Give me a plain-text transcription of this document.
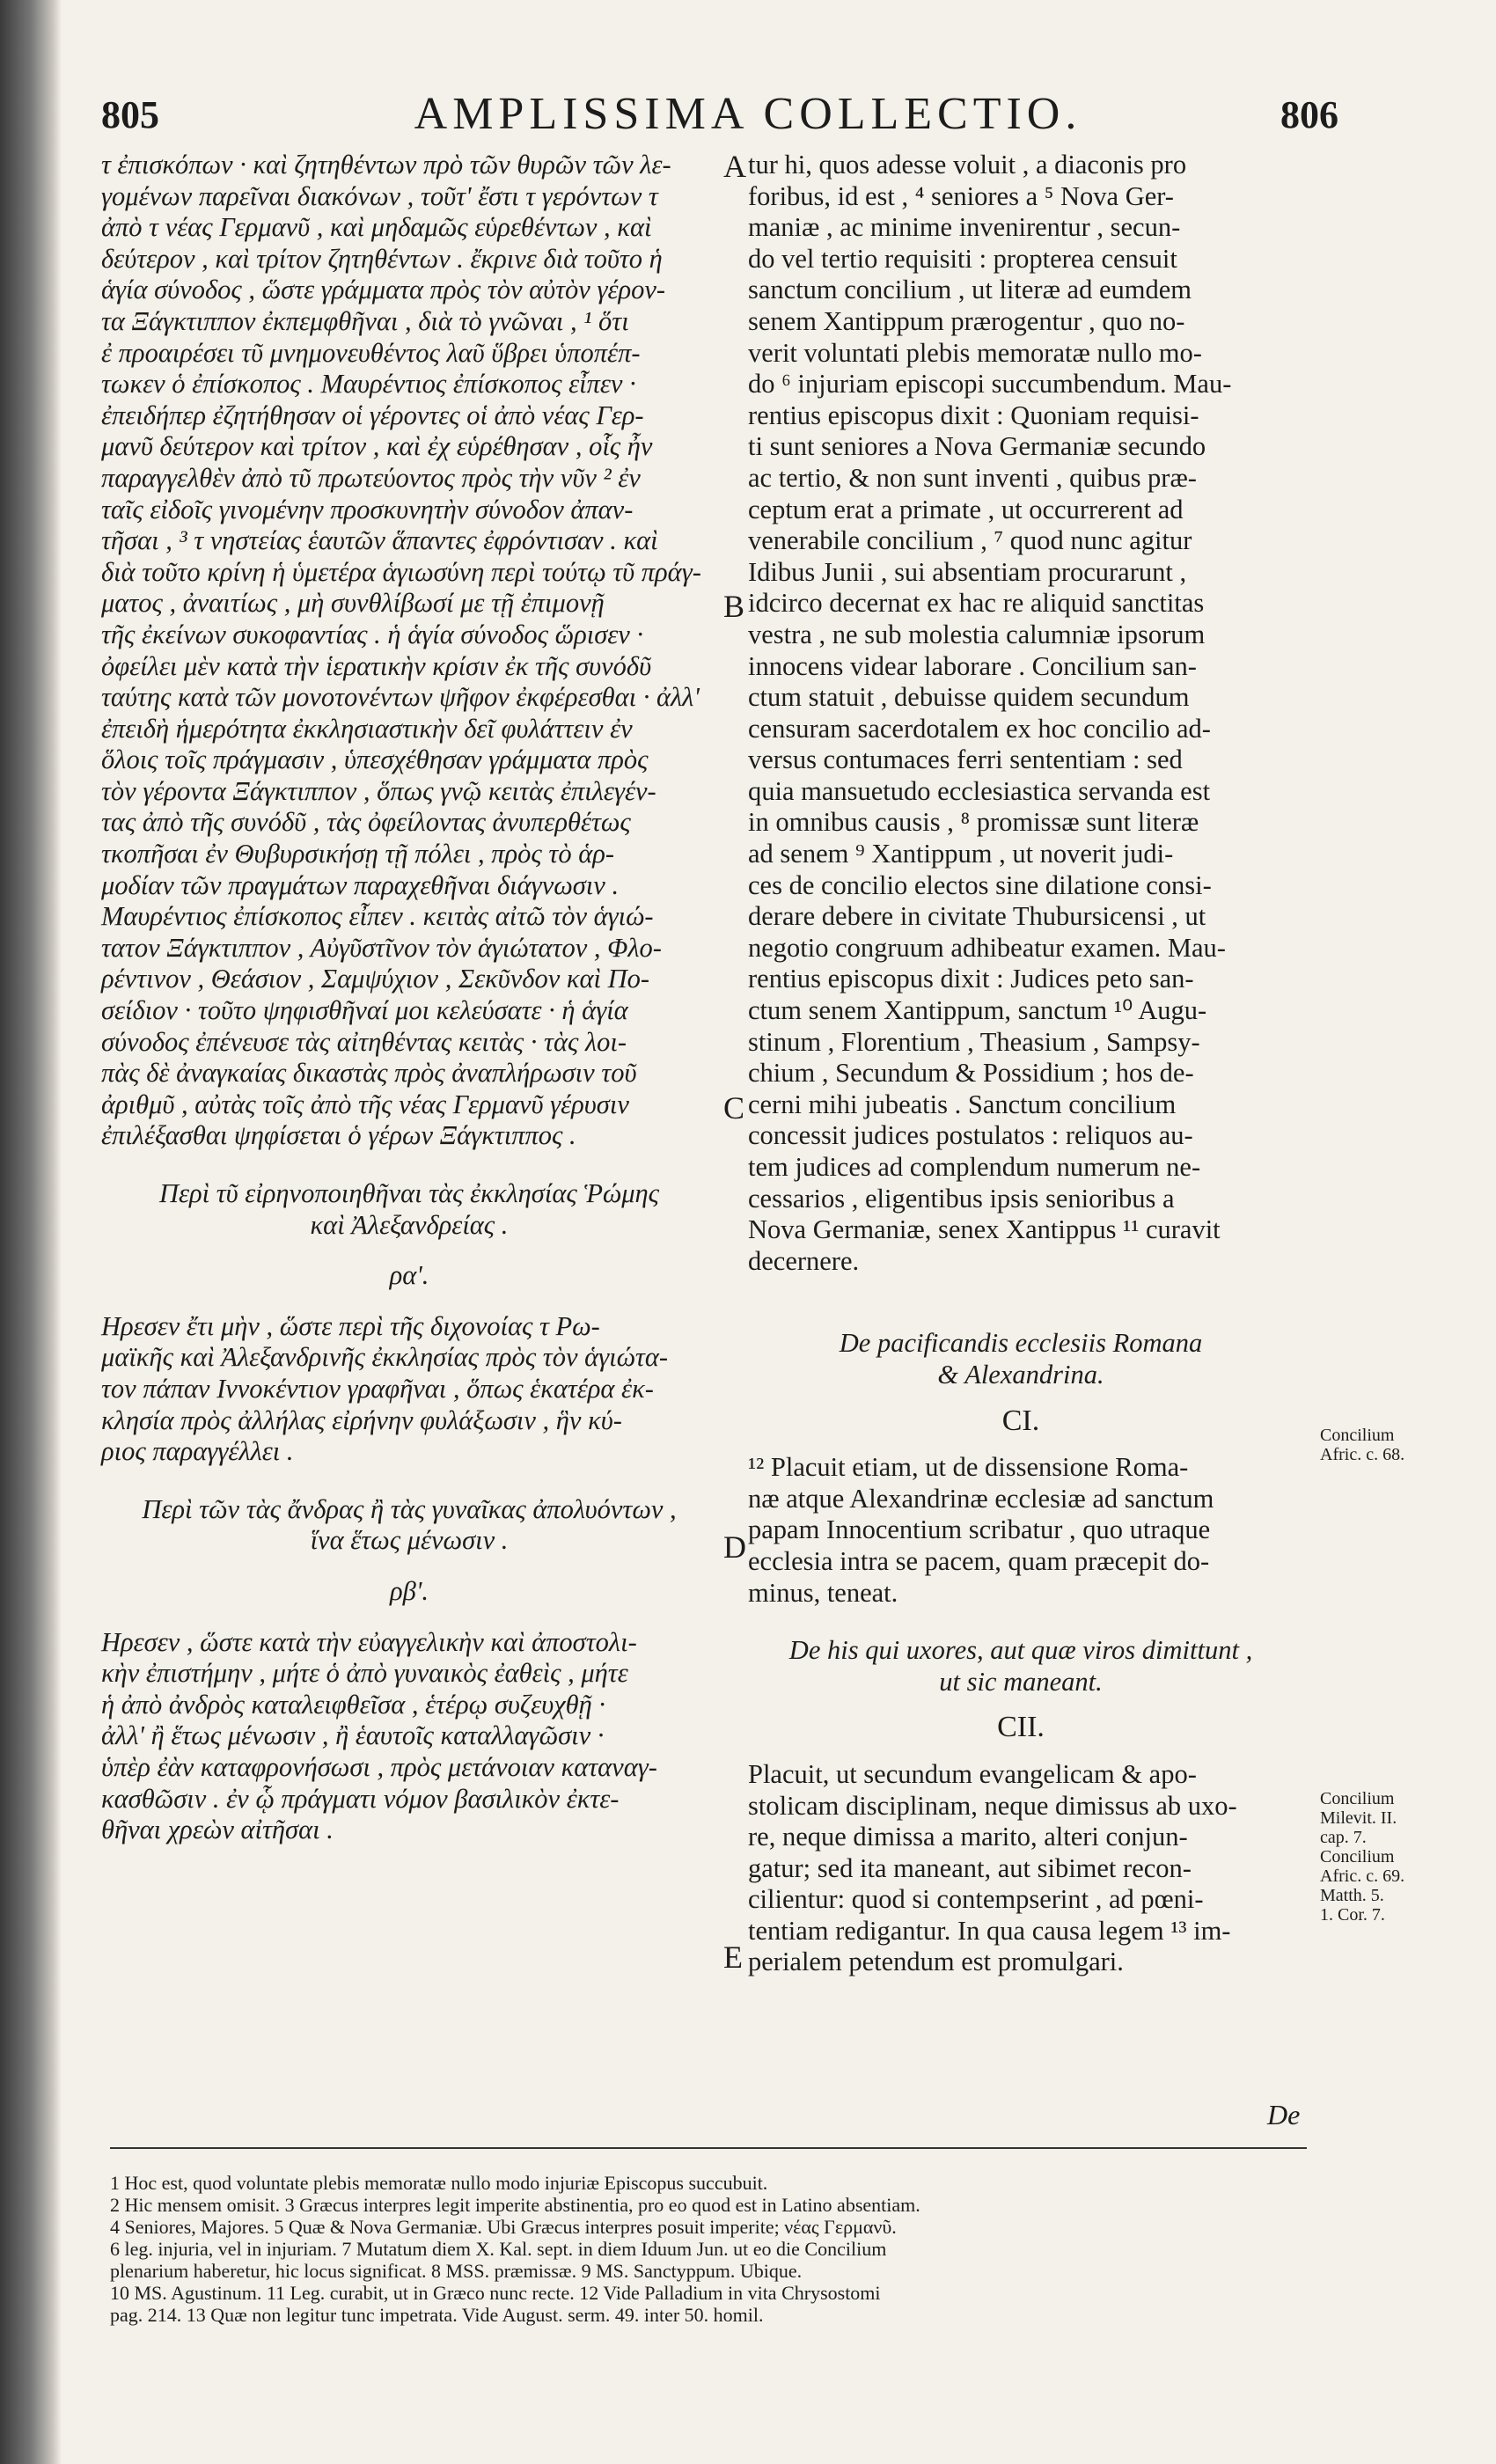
805	AMPLISSIMA COLLECTIO.	806
τ ἐπισκόπων · καὶ ζητηθέντων πρὸ τῶν θυρῶν τῶν λε-
γομένων παρεῖναι διακόνων , τοῦτ' ἔστι τ γερόντων τ
ἀπὸ τ νέας Γερμανῦ , καὶ μηδαμῶς εὑρεθέντων , καὶ
δεύτερον , καὶ τρίτον ζητηθέντων . ἔκρινε διὰ τοῦτο ἡ
ἁγία σύνοδος , ὥστε γράμματα πρὸς τὸν αὐτὸν γέρον-
τα Ξάγκτιππον ἐκπεμφθῆναι , διὰ τὸ γνῶναι , ¹ ὅτι
ἐ προαιρέσει τῦ μνημονευθέντος λαῦ ὕβρει ὑποπέπ-
τωκεν ὁ ἐπίσκοπος . Μαυρέντιος ἐπίσκοπος εἶπεν ·
ἐπειδήπερ ἐζητήθησαν οἱ γέροντες οἱ ἀπὸ νέας Γερ-
μανῦ δεύτερον καὶ τρίτον , καὶ ἐχ εὑρέθησαν , οἷς ἦν
παραγγελθὲν ἀπὸ τῦ πρωτεύοντος πρὸς τὴν νῦν ² ἐν
ταῖς εἰδοῖς γινομένην προσκυνητὴν σύνοδον ἀπαν-
τῆσαι , ³ τ νηστείας ἑαυτῶν ἅπαντες ἐφρόντισαν . καὶ
διὰ τοῦτο κρίνη ἡ ὑμετέρα ἁγιωσύνη περὶ τούτῳ τῦ πράγ-
ματος , ἀναιτίως , μὴ συνθλίβωσί με τῇ ἐπιμονῇ
τῆς ἐκείνων συκοφαντίας . ἡ ἁγία σύνοδος ὥρισεν ·
ὀφείλει μὲν κατὰ τὴν ἱερατικὴν κρίσιν ἐκ τῆς συνόδῦ
ταύτης κατὰ τῶν μονοτονέντων ψῆφον ἐκφέρεσθαι · ἀλλ'
ἐπειδὴ ἡμερότητα ἐκκλησιαστικὴν δεῖ φυλάττειν ἐν
ὅλοις τοῖς πράγμασιν , ὑπεσχέθησαν γράμματα πρὸς
τὸν γέροντα Ξάγκτιππον , ὅπως γνῷ κειτὰς ἐπιλεγέν-
τας ἀπὸ τῆς συνόδῦ , τὰς ὀφείλοντας ἀνυπερθέτως
τκοπῆσαι ἐν Θυβυρσικήσῃ τῇ πόλει , πρὸς τὸ ἁρ-
μοδίαν τῶν πραγμάτων παραχεθῆναι διάγνωσιν .
Μαυρέντιος ἐπίσκοπος εἶπεν . κειτὰς αἰτῶ τὸν ἁγιώ-
τατον Ξάγκτιππον , Αὐγῦστῖνον τὸν ἁγιώτατον , Φλο-
ρέντινον , Θεάσιον , Σαμψύχιον , Σεκῦνδον καὶ Πο-
σείδιον · τοῦτο ψηφισθῆναί μοι κελεύσατε · ἡ ἁγία
σύνοδος ἐπένευσε τὰς αἰτηθέντας κειτὰς · τὰς λοι-
πὰς δὲ ἀναγκαίας δικαστὰς πρὸς ἀναπλήρωσιν τοῦ
ἀριθμῦ , αὐτὰς τοῖς ἀπὸ τῆς νέας Γερμανῦ γέρυσιν
ἐπιλέξασθαι ψηφίσεται ὁ γέρων Ξάγκτιππος .
Περὶ τῦ εἰρηνοποιηθῆναι τὰς ἐκκλησίας Ῥώμης
καὶ Ἀλεξανδρείας .
ρα'.
Ηρεσεν ἔτι μὴν , ὥστε περὶ τῆς διχονοίας τ Ρω-
μαϊκῆς καὶ Ἀλεξανδρινῆς ἐκκλησίας πρὸς τὸν ἁγιώτα-
τον πάπαν Ιννοκέντιον γραφῆναι , ὅπως ἑκατέρα ἐκ-
κλησία πρὸς ἀλλήλας εἰρήνην φυλάξωσιν , ἣν κύ-
ριος παραγγέλλει .
Περὶ τῶν τὰς ἄνδρας ἢ τὰς γυναῖκας ἀπολυόντων ,
ἵνα ἕτως μένωσιν .
ρβ'.
Ηρεσεν , ὥστε κατὰ τὴν εὐαγγελικὴν καὶ ἀποστολι-
κὴν ἐπιστήμην , μήτε ὁ ἀπὸ γυναικὸς ἐαθεὶς , μήτε
ἡ ἀπὸ ἀνδρὸς καταλειφθεῖσα , ἑτέρῳ συζευχθῇ ·
ἀλλ' ἢ ἕτως μένωσιν , ἢ ἑαυτοῖς καταλλαγῶσιν ·
ὑπὲρ ἐὰν καταφρονήσωσι , πρὸς μετάνοιαν καταναγ-
κασθῶσιν . ἐν ᾧ πράγματι νόμον βασιλικὸν ἐκτε-
θῆναι χρεὼν αἰτῆσαι .
A
B
C
D
E
tur hi, quos adesse voluit , a diaconis pro
foribus, id est , ⁴ seniores a ⁵ Nova Ger-
maniæ , ac minime invenirentur , secun-
do vel tertio requisiti : propterea censuit
sanctum concilium , ut literæ ad eumdem
senem Xantippum prærogentur , quo no-
verit voluntati plebis memoratæ nullo mo-
do ⁶ injuriam episcopi succumbendum. Mau-
rentius episcopus dixit : Quoniam requisi-
ti sunt seniores a Nova Germaniæ secundo
ac tertio, & non sunt inventi , quibus præ-
ceptum erat a primate , ut occurrerent ad
venerabile concilium , ⁷ quod nunc agitur
Idibus Junii , sui absentiam procurarunt ,
idcirco decernat ex hac re aliquid sanctitas
vestra , ne sub molestia calumniæ ipsorum
innocens videar laborare . Concilium san-
ctum statuit , debuisse quidem secundum
censuram sacerdotalem ex hoc concilio ad-
versus contumaces ferri sententiam : sed
quia mansuetudo ecclesiastica servanda est
in omnibus causis , ⁸ promissæ sunt literæ
ad senem ⁹ Xantippum , ut noverit judi-
ces de concilio electos sine dilatione consi-
derare debere in civitate Thubursicensi , ut
negotio congruum adhibeatur examen. Mau-
rentius episcopus dixit : Judices peto san-
ctum senem Xantippum, sanctum ¹⁰ Augu-
stinum , Florentium , Theasium , Sampsy-
chium , Secundum & Possidium ; hos de-
cerni mihi jubeatis . Sanctum concilium
concessit judices postulatos : reliquos au-
tem judices ad complendum numerum ne-
cessarios , eligentibus ipsis senioribus a
Nova Germaniæ, senex Xantippus ¹¹ curavit
decernere.
De pacificandis ecclesiis Romana
& Alexandrina.
CI.
¹² Placuit etiam, ut de dissensione Roma-
næ atque Alexandrinæ ecclesiæ ad sanctum
papam Innocentium scribatur , quo utraque
ecclesia intra se pacem, quam præcepit do-
minus, teneat.
De his qui uxores, aut quæ viros dimittunt ,
ut sic maneant.
CII.
Placuit, ut secundum evangelicam & apo-
stolicam disciplinam, neque dimissus ab uxo-
re, neque dimissa a marito, alteri conjun-
gatur; sed ita maneant, aut sibimet recon-
cilientur: quod si contempserint , ad pœni-
tentiam redigantur. In qua causa legem ¹³ im-
perialem petendum est promulgari.
Concilium
Afric. c. 68.
Concilium
Milevit. II.
cap. 7.
Concilium
Afric. c. 69.
Matth. 5.
1. Cor. 7.
De
1 Hoc est, quod voluntate plebis memoratæ nullo modo injuriæ Episcopus succubuit.
2 Hic mensem omisit. 3 Græcus interpres legit imperite abstinentia, pro eo quod est in Latino absentiam.
4 Seniores, Majores. 5 Quæ & Nova Germaniæ. Ubi Græcus interpres posuit imperite; νέας Γερμανῦ.
6 leg. injuria, vel in injuriam. 7 Mutatum diem X. Kal. sept. in diem Iduum Jun. ut eo die Concilium
plenarium haberetur, hic locus significat. 8 MSS. præmissæ. 9 MS. Sanctyppum. Ubique.
10 MS. Agustinum. 11 Leg. curabit, ut in Græco nunc recte. 12 Vide Palladium in vita Chrysostomi
pag. 214. 13 Quæ non legitur tunc impetrata. Vide August. serm. 49. inter 50. homil.
